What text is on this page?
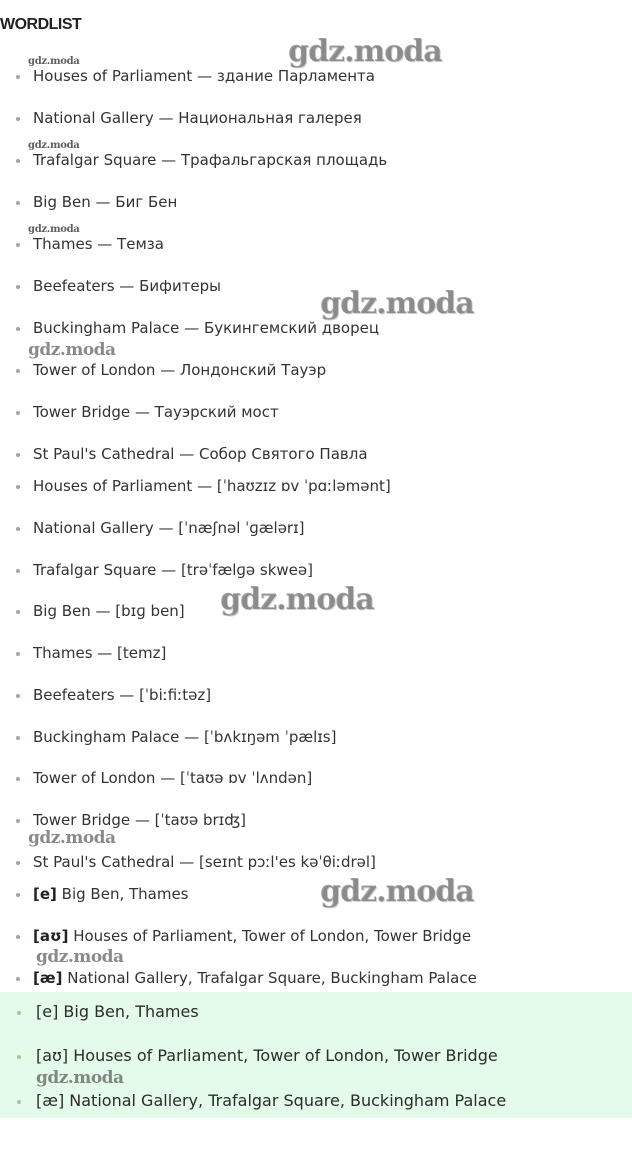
WORDLIST
Houses of Parliament — здание Парламента
National Gallery — Национальная галерея
Trafalgar Square — Трафальгарская площадь
Big Ben — Биг Бен
Thames — Темза
Beefeaters — Бифитеры
Buckingham Palace — Букингемский дворец
Tower of London — Лондонский Тауэр
Tower Bridge — Тауэрский мост
St Paul's Cathedral — Собор Святого Павла
Houses of Parliament — [ˈhaʊzɪz ɒv ˈpɑːləmənt]
National Gallery — [ˈnæʃnəl ˈɡælərɪ]
Trafalgar Square — [trəˈfælɡə skweə]
Big Ben — [bɪɡ ben]
Thames — [temz]
Beefeaters — [ˈbiːfiːtəz]
Buckingham Palace — [ˈbʌkɪŋəm ˈpælɪs]
Tower of London — [ˈtaʊə ɒv ˈlʌndən]
Tower Bridge — [ˈtaʊə brɪʤ]
St Paul's Cathedral — [seɪnt pɔːl'es kəˈθiːdrəl]
[e] Big Ben, Thames
[aʊ] Houses of Parliament, Tower of London, Tower Bridge
[æ] National Gallery, Trafalgar Square, Buckingham Palace
[e] Big Ben, Thames
[aʊ] Houses of Parliament, Tower of London, Tower Bridge
[æ] National Gallery, Trafalgar Square, Buckingham Palace
gdz.moda
gdz.moda
gdz.moda
gdz.moda
gdz.moda
gdz.moda
gdz.moda
gdz.moda
gdz.moda
gdz.moda
gdz.moda
